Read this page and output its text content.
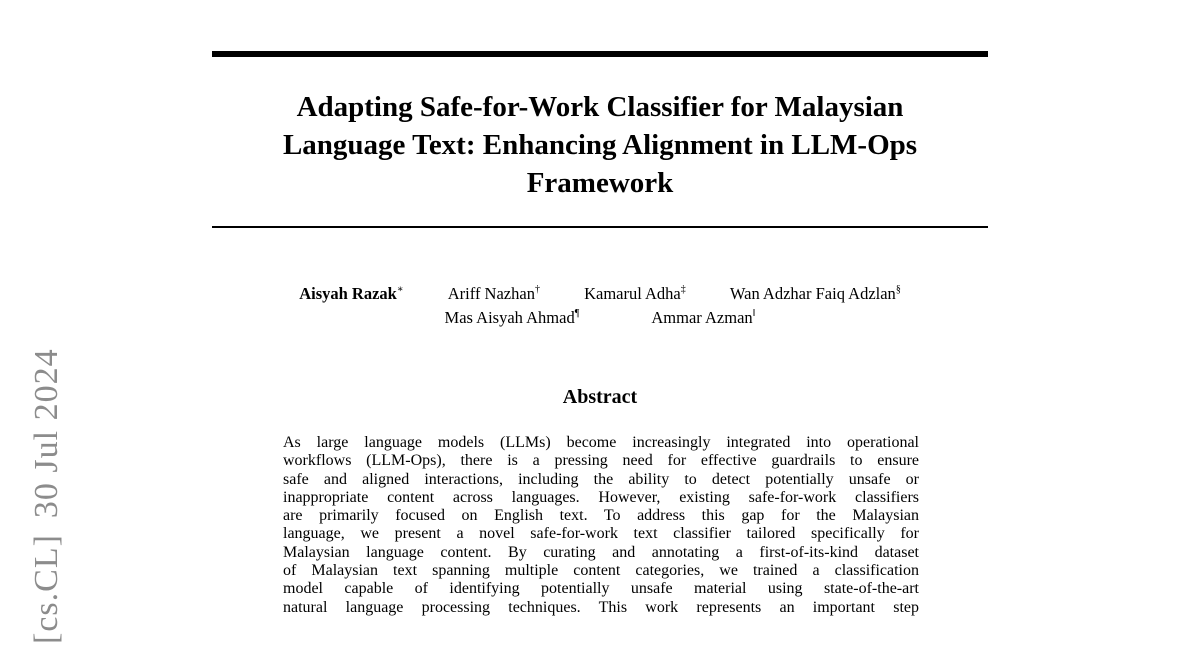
[cs.CL]30 Jul 2024
Adapting Safe-for-Work Classifier for Malaysian
Language Text: Enhancing Alignment in LLM-Ops
Framework
Aisyah Razak∗	Ariff Nazhan†	Kamarul Adha‡	Wan Adzhar Faiq Adzlan§
Mas Aisyah Ahmad¶	Ammar Azman‖
Abstract
As large language models (LLMs) become increasingly integrated into operational
workflows (LLM-Ops), there is a pressing need for effective guardrails to ensure
safe and aligned interactions, including the ability to detect potentially unsafe or
inappropriate content across languages. However, existing safe-for-work classifiers
are primarily focused on English text. To address this gap for the Malaysian
language, we present a novel safe-for-work text classifier tailored specifically for
Malaysian language content. By curating and annotating a first-of-its-kind dataset
of Malaysian text spanning multiple content categories, we trained a classification
model capable of identifying potentially unsafe material using state-of-the-art
natural language processing techniques. This work represents an important step
